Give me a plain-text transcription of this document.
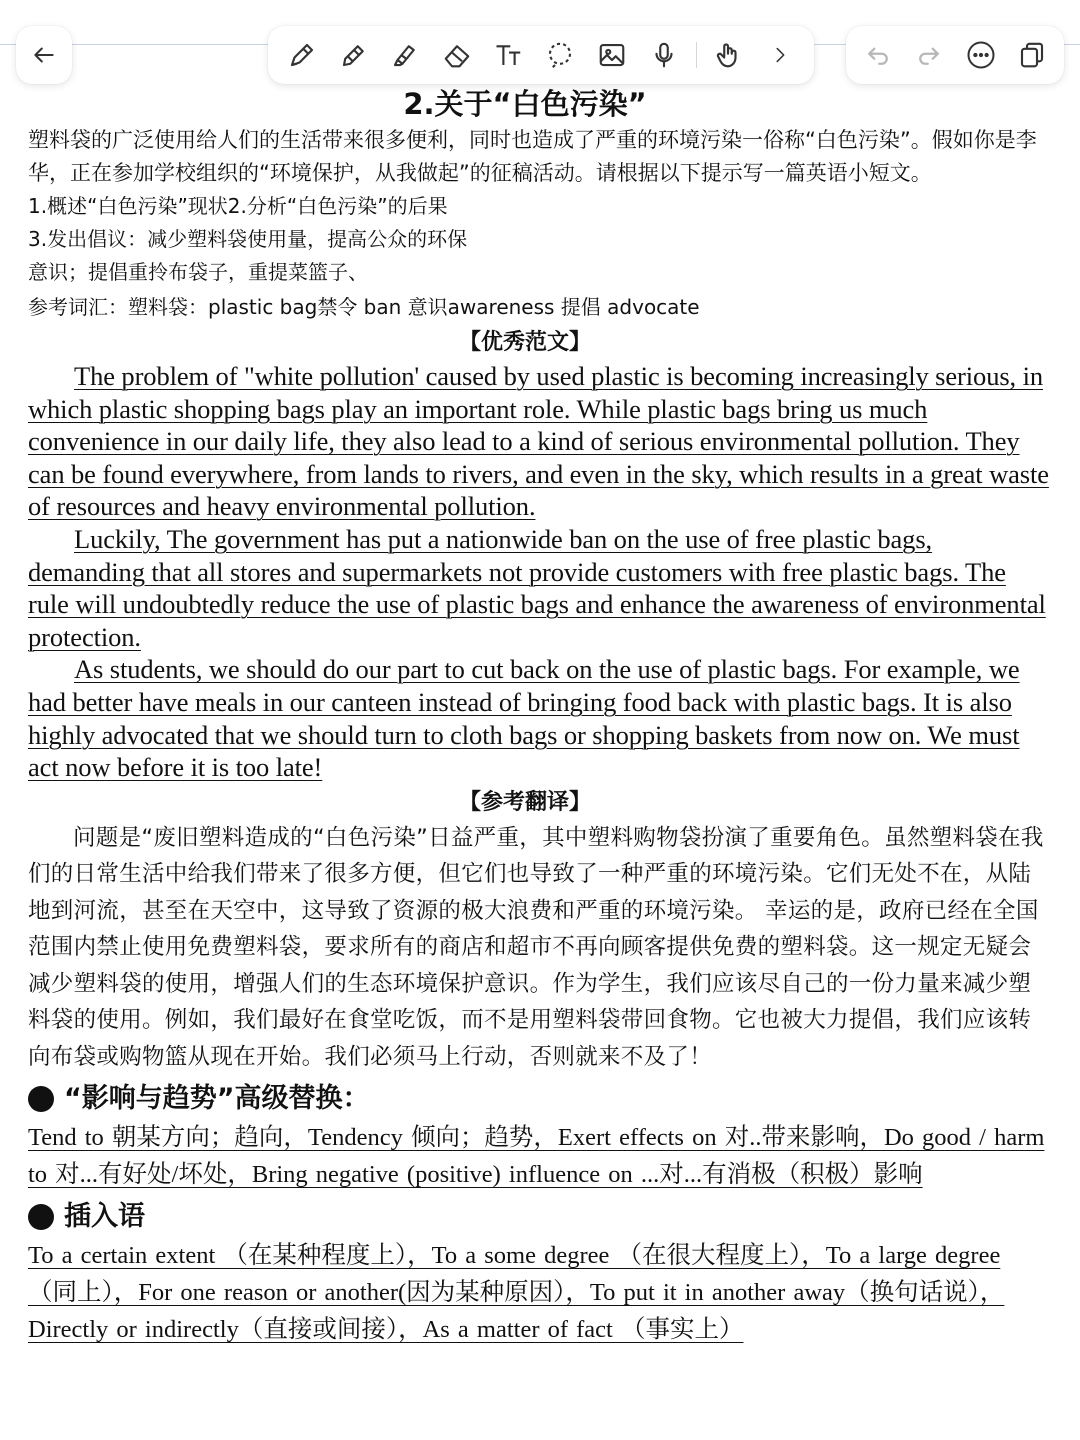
2.关于“白色污染”

塑料袋的广泛使用给人们的生活带来很多便利，同时也造成了严重的环境污染一俗称“白色污染”。假如你是李华，正在参加学校组织的“环境保护，从我做起”的征稿活动。请根据以下提示写一篇英语小短文。

1.概述“白色污染”现状2.分析“白色污染”的后果

3.发出倡议：减少塑料袋使用量，提高公众的环保

意识；提倡重拎布袋子，重提菜篮子、

参考词汇：塑料袋：plastic bag禁令 ban 意识awareness 提倡 advocate

【优秀范文】

The problem of "white pollution' caused by used plastic is becoming increasingly serious, in which plastic shopping bags play an important role. While plastic bags bring us much convenience in our daily life, they also lead to a kind of serious environmental pollution. They can be found everywhere, from lands to rivers, and even in the sky, which results in a great waste of resources and heavy environmental pollution.

Luckily, The government has put a nationwide ban on the use of free plastic bags, demanding that all stores and supermarkets not provide customers with free plastic bags. The rule will undoubtedly reduce the use of plastic bags and enhance the awareness of environmental protection.

As students, we should do our part to cut back on the use of plastic bags. For example, we had better have meals in our canteen instead of bringing food back with plastic bags. It is also highly advocated that we should turn to cloth bags or shopping baskets from now on. We must act now before it is too late!

【参考翻译】

问题是“废旧塑料造成的“白色污染”日益严重，其中塑料购物袋扮演了重要角色。虽然塑料袋在我们的日常生活中给我们带来了很多方便，但它们也导致了一种严重的环境污染。它们无处不在，从陆地到河流，甚至在天空中，这导致了资源的极大浪费和严重的环境污染。 幸运的是，政府已经在全国范围内禁止使用免费塑料袋，要求所有的商店和超市不再向顾客提供免费的塑料袋。这一规定无疑会减少塑料袋的使用，增强人们的生态环境保护意识。作为学生，我们应该尽自己的一份力量来减少塑料袋的使用。例如，我们最好在食堂吃饭，而不是用塑料袋带回食物。它也被大力提倡，我们应该转向布袋或购物篮从现在开始。我们必须马上行动，否则就来不及了！

“影响与趋势”高级替换：

Tend to 朝某方向；趋向，Tendency 倾向；趋势，Exert effects on 对..带来影响，Do good / harm to 对...有好处/坏处，Bring negative (positive) influence on ...对...有消极（积极）影响

插入语

To a certain extent （在某种程度上），To a some degree （在很大程度上），To a large degree （同上），For one reason or another(因为某种原因），To put it in another away（换句话说），Directly or indirectly（直接或间接），As a matter of fact （事实上）
